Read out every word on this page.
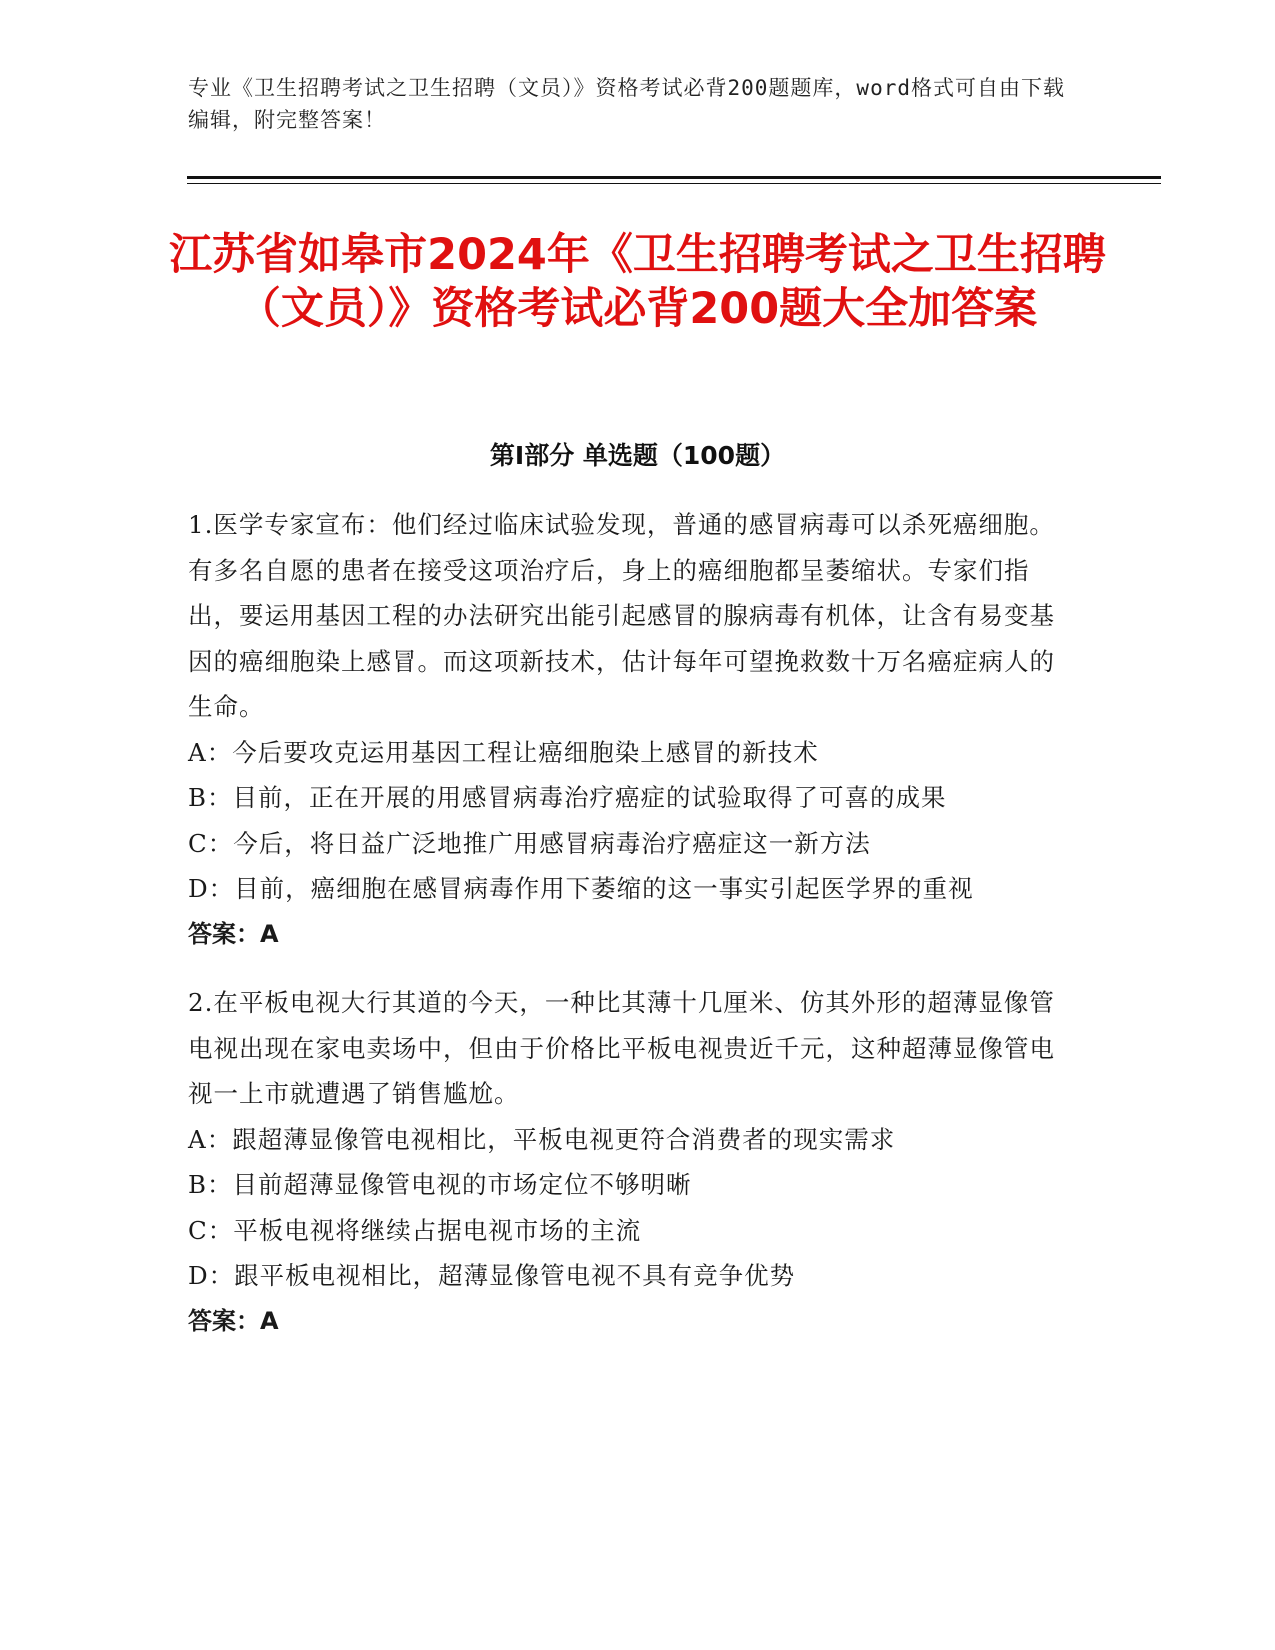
专业《卫生招聘考试之卫生招聘（文员）》资格考试必背200题题库，word格式可自由下载编辑，附完整答案！
江苏省如皋市2024年《卫生招聘考试之卫生招聘（文员）》资格考试必背200题大全加答案
第Ⅰ部分 单选题（100题）
1.医学专家宣布：他们经过临床试验发现，普通的感冒病毒可以杀死癌细胞。有多名自愿的患者在接受这项治疗后，身上的癌细胞都呈萎缩状。专家们指出，要运用基因工程的办法研究出能引起感冒的腺病毒有机体，让含有易变基因的癌细胞染上感冒。而这项新技术，估计每年可望挽救数十万名癌症病人的生命。
A：今后要攻克运用基因工程让癌细胞染上感冒的新技术
B：目前，正在开展的用感冒病毒治疗癌症的试验取得了可喜的成果
C：今后，将日益广泛地推广用感冒病毒治疗癌症这一新方法
D：目前，癌细胞在感冒病毒作用下萎缩的这一事实引起医学界的重视
答案：A
2.在平板电视大行其道的今天，一种比其薄十几厘米、仿其外形的超薄显像管电视出现在家电卖场中，但由于价格比平板电视贵近千元，这种超薄显像管电视一上市就遭遇了销售尴尬。
A：跟超薄显像管电视相比，平板电视更符合消费者的现实需求
B：目前超薄显像管电视的市场定位不够明晰
C：平板电视将继续占据电视市场的主流
D：跟平板电视相比，超薄显像管电视不具有竞争优势
答案：A
